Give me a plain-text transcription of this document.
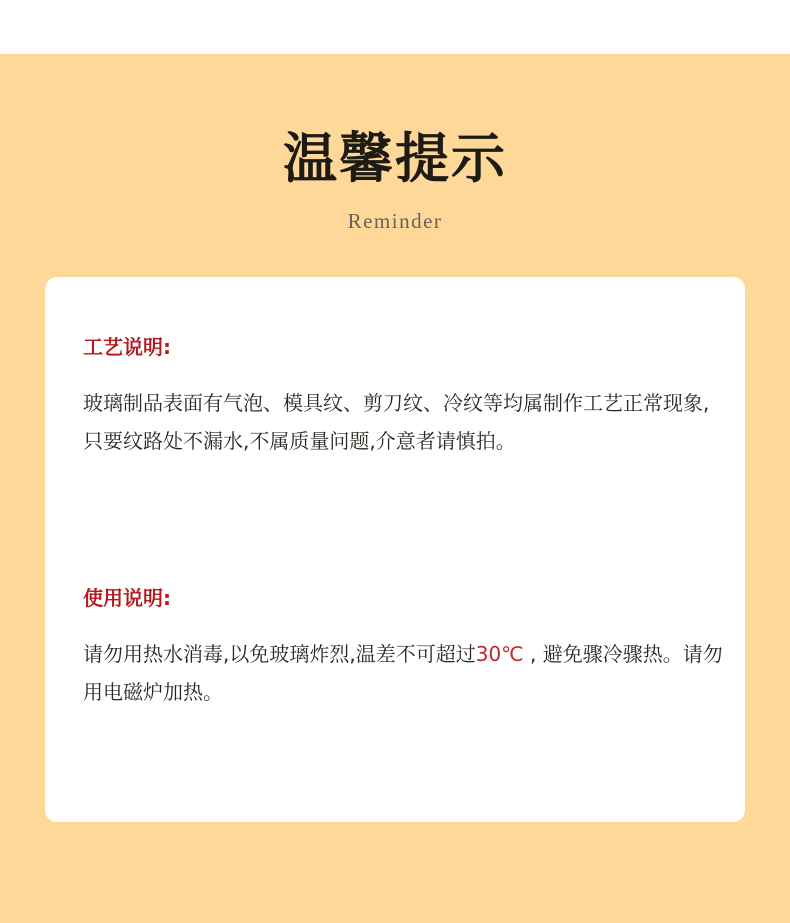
温馨提示
Reminder
工艺说明:

玻璃制品表面有气泡、模具纹、剪刀纹、冷纹等均属制作工艺正常现象,只要纹路处不漏水,不属质量问题,介意者请慎拍。

使用说明:

请勿用热水消毒,以免玻璃炸烈,温差不可超过30℃ , 避免骤冷骤热。请勿用电磁炉加热。
